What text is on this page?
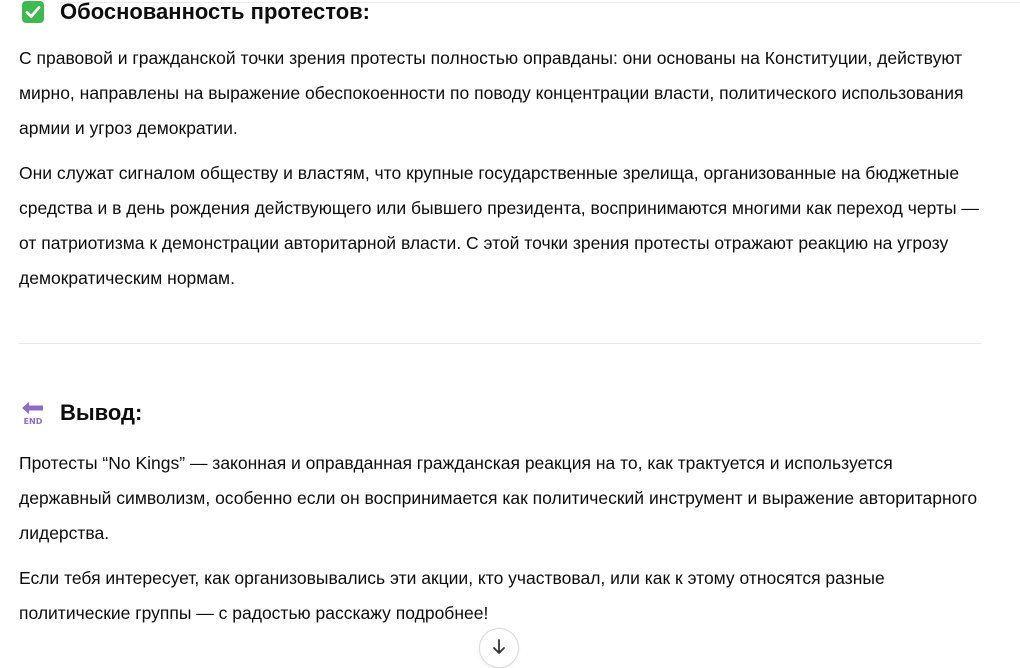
Обоснованность протестов:

С правовой и гражданской точки зрения протесты полностью оправданы: они основаны на Конституции, действуют мирно, направлены на выражение обеспокоенности по поводу концентрации власти, политического использования армии и угроз демократии.

Они служат сигналом обществу и властям, что крупные государственные зрелища, организованные на бюджетные средства и в день рождения действующего или бывшего президента, воспринимаются многими как переход черты — от патриотизма к демонстрации авторитарной власти. С этой точки зрения протесты отражают реакцию на угрозу демократическим нормам.

END Вывод:

Протесты “No Kings” — законная и оправданная гражданская реакция на то, как трактуется и используется державный символизм, особенно если он воспринимается как политический инструмент и выражение авторитарного лидерства.

Если тебя интересует, как организовывались эти акции, кто участвовал, или как к этому относятся разные политические группы — с радостью расскажу подробнее!
